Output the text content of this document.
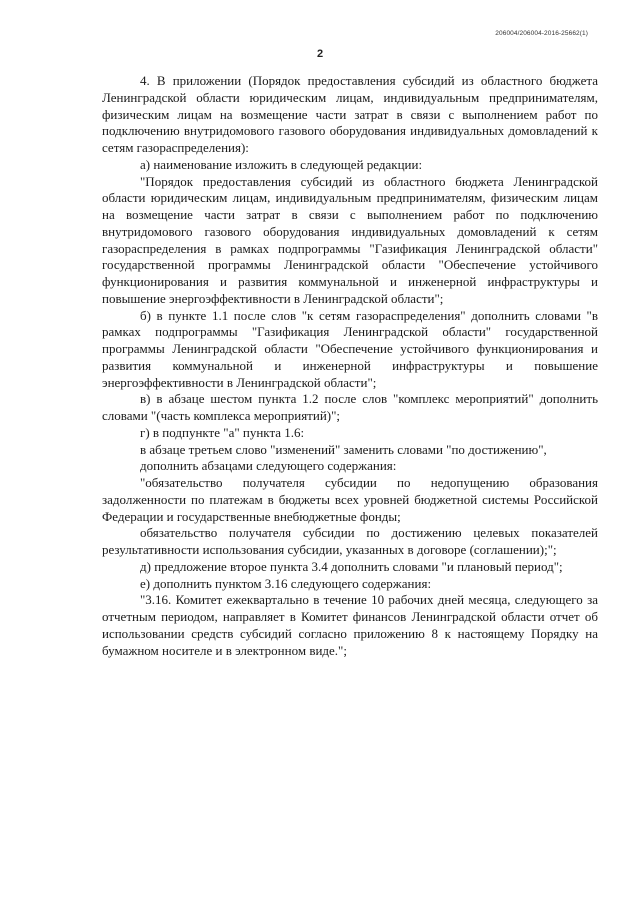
206004/206004-2016-25662(1)
2

4. В приложении (Порядок предоставления субсидий из областного бюджета Ленинградской области юридическим лицам, индивидуальным предпринимателям, физическим лицам на возмещение части затрат в связи с выполнением работ по подключению внутридомового газового оборудования индивидуальных домовладений к сетям газораспределения):

а) наименование изложить в следующей редакции:

"Порядок предоставления субсидий из областного бюджета Ленинградской области юридическим лицам, индивидуальным предпринимателям, физическим лицам на возмещение части затрат в связи с выполнением работ по подключению внутридомового газового оборудования индивидуальных домовладений к сетям газораспределения в рамках подпрограммы "Газификация Ленинградской области" государственной программы Ленинградской области "Обеспечение устойчивого функционирования и развития коммунальной и инженерной инфраструктуры и повышение энергоэффективности в Ленинградской области";

б) в пункте 1.1 после слов "к сетям газораспределения" дополнить словами "в рамках подпрограммы "Газификация Ленинградской области" государственной программы Ленинградской области "Обеспечение устойчивого функционирования и развития коммунальной и инженерной инфраструктуры и повышение энергоэффективности в Ленинградской области";

в) в абзаце шестом пункта 1.2 после слов "комплекс мероприятий" дополнить словами "(часть комплекса мероприятий)";

г) в подпункте "а" пункта 1.6:

в абзаце третьем слово "изменений" заменить словами "по достижению",

дополнить абзацами следующего содержания:

"обязательство получателя субсидии по недопущению образования задолженности по платежам в бюджеты всех уровней бюджетной системы Российской Федерации и государственные внебюджетные фонды;

обязательство получателя субсидии по достижению целевых показателей результативности использования субсидии, указанных в договоре (соглашении);";

д) предложение второе пункта 3.4 дополнить словами "и плановый период";

е) дополнить пунктом 3.16 следующего содержания:

"3.16. Комитет ежеквартально в течение 10 рабочих дней месяца, следующего за отчетным периодом, направляет в Комитет финансов Ленинградской области отчет об использовании средств субсидий согласно приложению 8 к настоящему Порядку на бумажном носителе и в электронном виде.";
